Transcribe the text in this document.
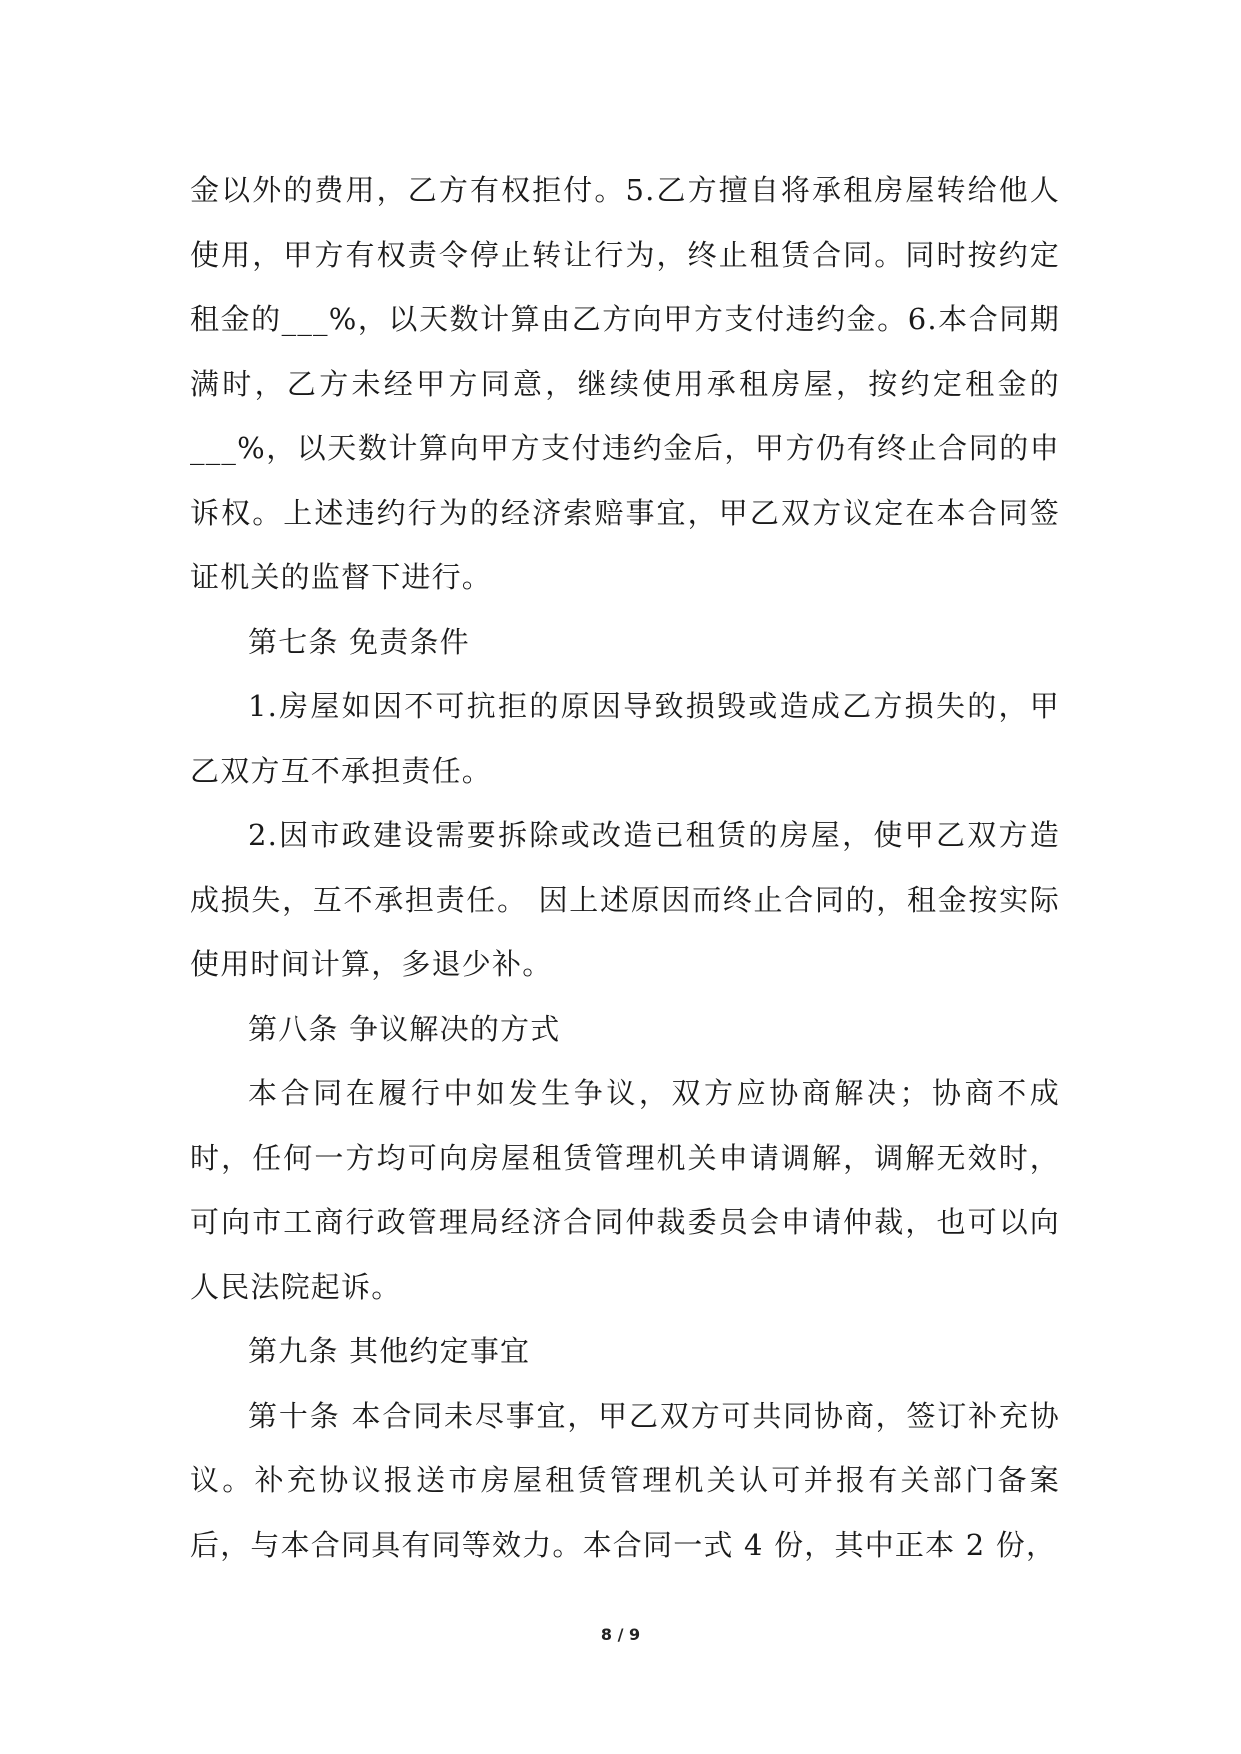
金以外的费用，乙方有权拒付。5.乙方擅自将承租房屋转给他人使用，甲方有权责令停止转让行为，终止租赁合同。同时按约定租金的___%，以天数计算由乙方向甲方支付违约金。6.本合同期满时，乙方未经甲方同意，继续使用承租房屋，按约定租金的___%，以天数计算向甲方支付违约金后，甲方仍有终止合同的申诉权。上述违约行为的经济索赔事宜，甲乙双方议定在本合同签证机关的监督下进行。

第七条 免责条件

1.房屋如因不可抗拒的原因导致损毁或造成乙方损失的，甲乙双方互不承担责任。

2.因市政建设需要拆除或改造已租赁的房屋，使甲乙双方造成损失，互不承担责任。 因上述原因而终止合同的，租金按实际使用时间计算，多退少补。

第八条 争议解决的方式

本合同在履行中如发生争议，双方应协商解决；协商不成时，任何一方均可向房屋租赁管理机关申请调解，调解无效时，可向市工商行政管理局经济合同仲裁委员会申请仲裁，也可以向人民法院起诉。

第九条 其他约定事宜

第十条 本合同未尽事宜，甲乙双方可共同协商，签订补充协议。补充协议报送市房屋租赁管理机关认可并报有关部门备案后，与本合同具有同等效力。本合同一式 4 份，其中正本 2 份，

8 / 9
